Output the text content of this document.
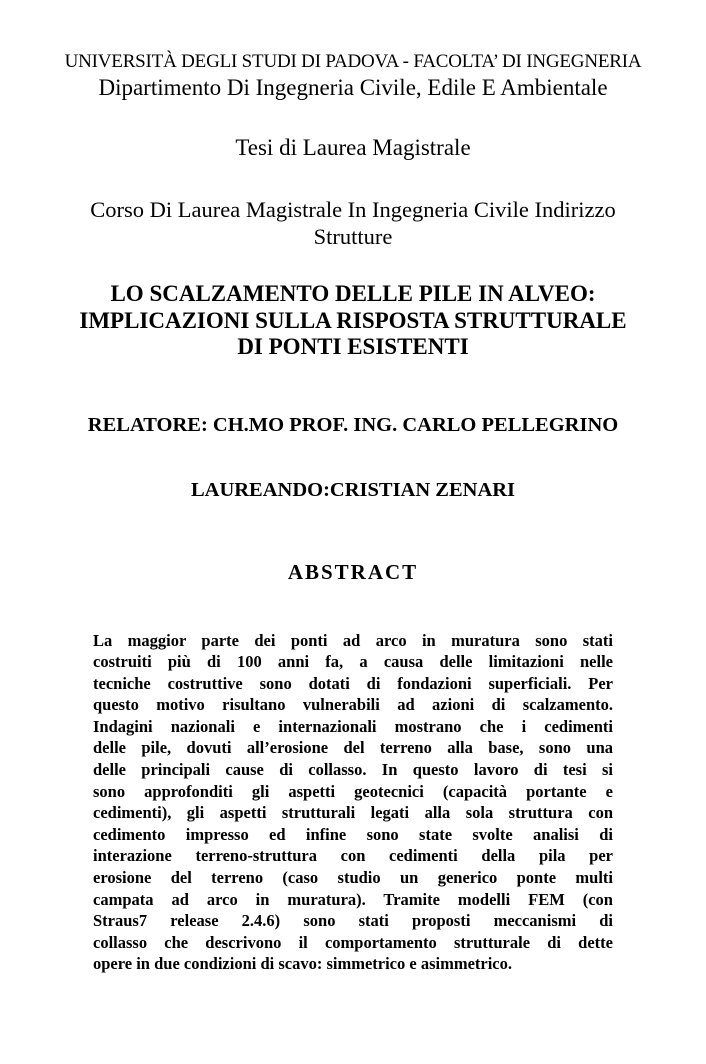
UNIVERSITÀ DEGLI STUDI DI PADOVA - FACOLTA’ DI INGEGNERIA
Dipartimento Di Ingegneria Civile, Edile E Ambientale
Tesi di Laurea Magistrale
Corso Di Laurea Magistrale In Ingegneria Civile Indirizzo
Strutture
LO SCALZAMENTO DELLE PILE IN ALVEO:
IMPLICAZIONI SULLA RISPOSTA STRUTTURALE
DI PONTI ESISTENTI
RELATORE: CH.MO PROF. ING. CARLO PELLEGRINO
LAUREANDO:CRISTIAN ZENARI
ABSTRACT
La maggior parte dei ponti ad arco in muratura sono stati
costruiti più di 100 anni fa, a causa delle limitazioni nelle
tecniche costruttive sono dotati di fondazioni superficiali. Per
questo motivo risultano vulnerabili ad azioni di scalzamento.
Indagini nazionali e internazionali mostrano che i cedimenti
delle pile, dovuti all’erosione del terreno alla base, sono una
delle principali cause di collasso. In questo lavoro di tesi si
sono approfonditi gli aspetti geotecnici (capacità portante e
cedimenti), gli aspetti strutturali legati alla sola struttura con
cedimento impresso ed infine sono state svolte analisi di
interazione terreno-struttura con cedimenti della pila per
erosione del terreno (caso studio un generico ponte multi
campata ad arco in muratura). Tramite modelli FEM (con
Straus7 release 2.4.6) sono stati proposti meccanismi di
collasso che descrivono il comportamento strutturale di dette
opere in due condizioni di scavo: simmetrico e asimmetrico.
